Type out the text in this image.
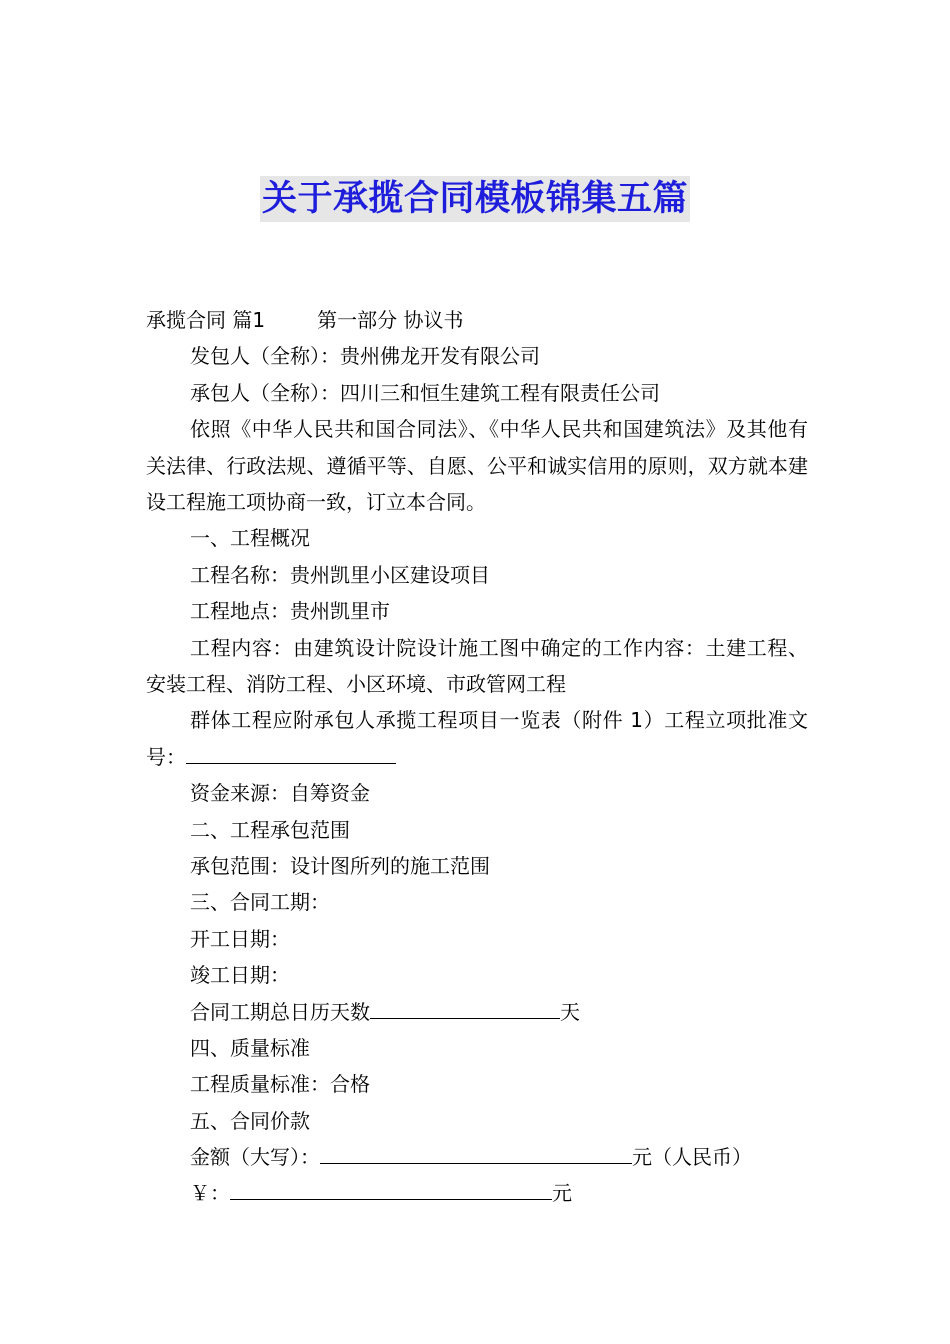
关于承揽合同模板锦集五篇
承揽合同 篇1	第一部分 协议书
发包人（全称）：贵州佛龙开发有限公司
承包人（全称）：四川三和恒生建筑工程有限责任公司
依照《中华人民共和国合同法》、《中华人民共和国建筑法》及其他有关法律、行政法规、遵循平等、自愿、公平和诚实信用的原则，双方就本建设工程施工项协商一致，订立本合同。
一、工程概况
工程名称：贵州凯里小区建设项目
工程地点：贵州凯里市
工程内容：由建筑设计院设计施工图中确定的工作内容：土建工程、安装工程、消防工程、小区环境、市政管网工程
群体工程应附承包人承揽工程项目一览表（附件 1）工程立项批准文号：
资金来源：自筹资金
二、工程承包范围
承包范围：设计图所列的施工范围
三、合同工期：
开工日期：
竣工日期：
合同工期总日历天数	天
四、质量标准
工程质量标准：合格
五、合同价款
金额（大写）：	元（人民币）
￥：	元
